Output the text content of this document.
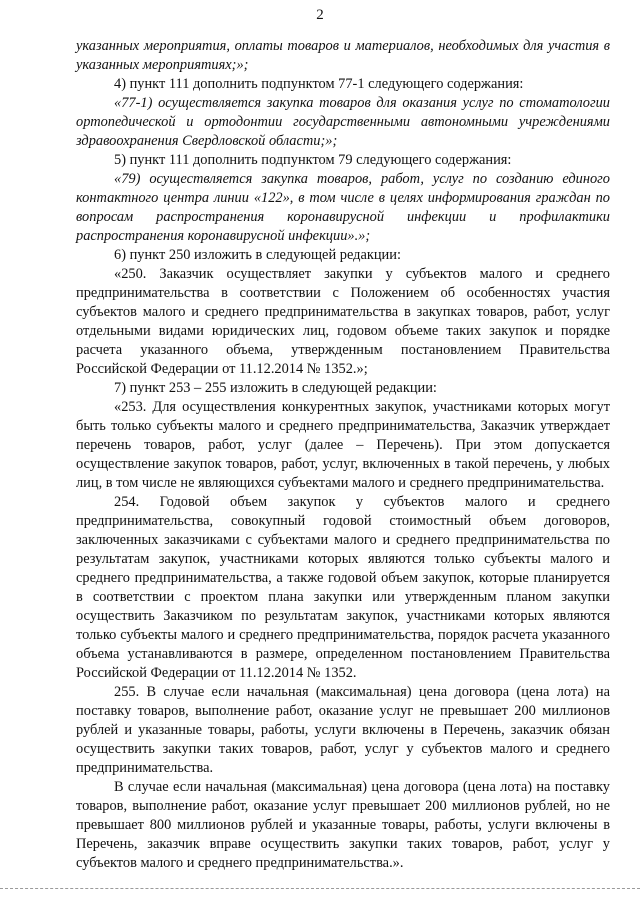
2

указанных мероприятия, оплаты товаров и материалов, необходимых для участия в указанных мероприятиях;»;

4) пункт 111 дополнить подпунктом 77-1 следующего содержания:

«77-1) осуществляется закупка товаров для оказания услуг по стоматологии ортопедической и ортодонтии государственными автономными учреждениями здравоохранения Свердловской области;»;

5) пункт 111 дополнить подпунктом 79 следующего содержания:

«79) осуществляется закупка товаров, работ, услуг по созданию единого контактного центра линии «122», в том числе в целях информирования граждан по вопросам распространения коронавирусной инфекции и профилактики распространения коронавирусной инфекции».»;

6) пункт 250 изложить в следующей редакции:

«250. Заказчик осуществляет закупки у субъектов малого и среднего предпринимательства в соответствии с Положением об особенностях участия субъектов малого и среднего предпринимательства в закупках товаров, работ, услуг отдельными видами юридических лиц, годовом объеме таких закупок и порядке расчета указанного объема, утвержденным постановлением Правительства Российской Федерации от 11.12.2014 № 1352.»;

7) пункт 253 – 255 изложить в следующей редакции:

«253. Для осуществления конкурентных закупок, участниками которых могут быть только субъекты малого и среднего предпринимательства, Заказчик утверждает перечень товаров, работ, услуг (далее – Перечень). При этом допускается осуществление закупок товаров, работ, услуг, включенных в такой перечень, у любых лиц, в том числе не являющихся субъектами малого и среднего предпринимательства.

254. Годовой объем закупок у субъектов малого и среднего предпринимательства, совокупный годовой стоимостный объем договоров, заключенных заказчиками с субъектами малого и среднего предпринимательства по результатам закупок, участниками которых являются только субъекты малого и среднего предпринимательства, а также годовой объем закупок, которые планируется в соответствии с проектом плана закупки или утвержденным планом закупки осуществить Заказчиком по результатам закупок, участниками которых являются только субъекты малого и среднего предпринимательства, порядок расчета указанного объема устанавливаются в размере, определенном постановлением Правительства Российской Федерации от 11.12.2014 № 1352.

255. В случае если начальная (максимальная) цена договора (цена лота) на поставку товаров, выполнение работ, оказание услуг не превышает 200 миллионов рублей и указанные товары, работы, услуги включены в Перечень, заказчик обязан осуществить закупки таких товаров, работ, услуг у субъектов малого и среднего предпринимательства.

В случае если начальная (максимальная) цена договора (цена лота) на поставку товаров, выполнение работ, оказание услуг превышает 200 миллионов рублей, но не превышает 800 миллионов рублей и указанные товары, работы, услуги включены в Перечень, заказчик вправе осуществить закупки таких товаров, работ, услуг у субъектов малого и среднего предпринимательства.».
